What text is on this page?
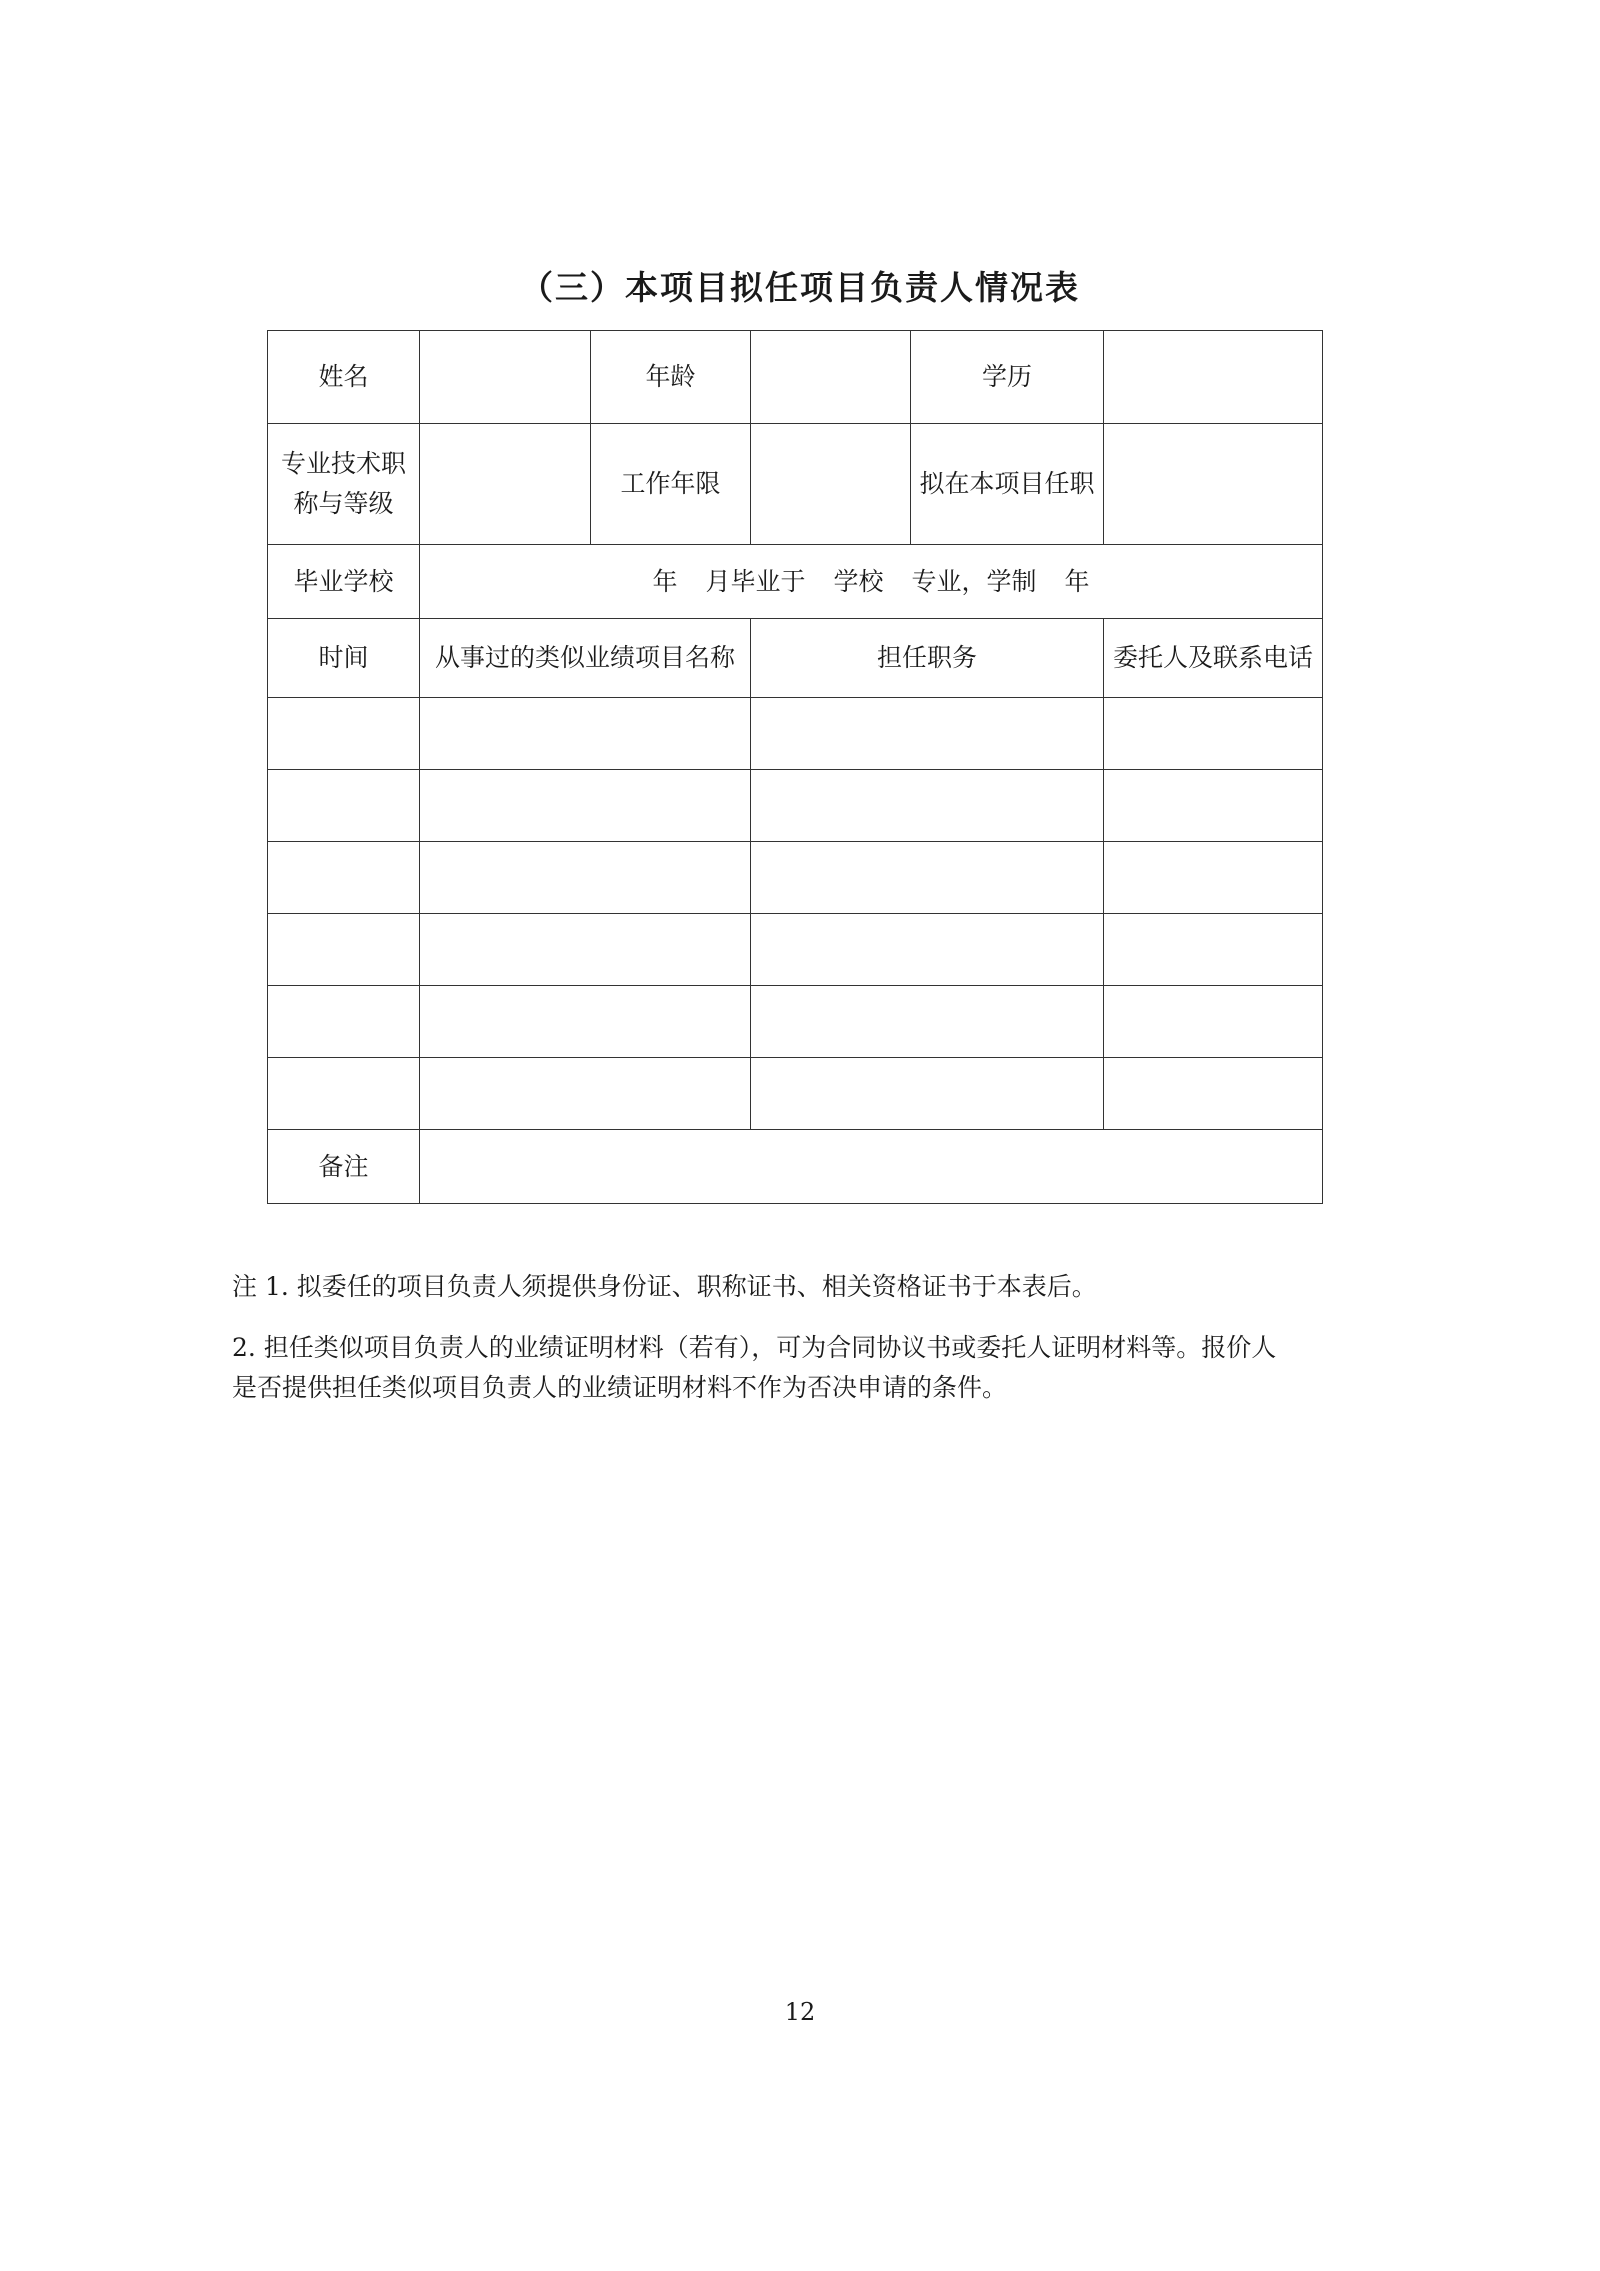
（三）本项目拟任项目负责人情况表
姓名		年龄		学历	
专业技术职称与等级		工作年限		拟在本项目任职	
毕业学校	年 月毕业于 学校 专业，学制 年				
时间	从事过的类似业绩项目名称		担任职务		委托人及联系电话

备注					

注 1. 拟委任的项目负责人须提供身份证、职称证书、相关资格证书于本表后。

2. 担任类似项目负责人的业绩证明材料（若有），可为合同协议书或委托人证明材料等。报价人

是否提供担任类似项目负责人的业绩证明材料不作为否决申请的条件。

12
